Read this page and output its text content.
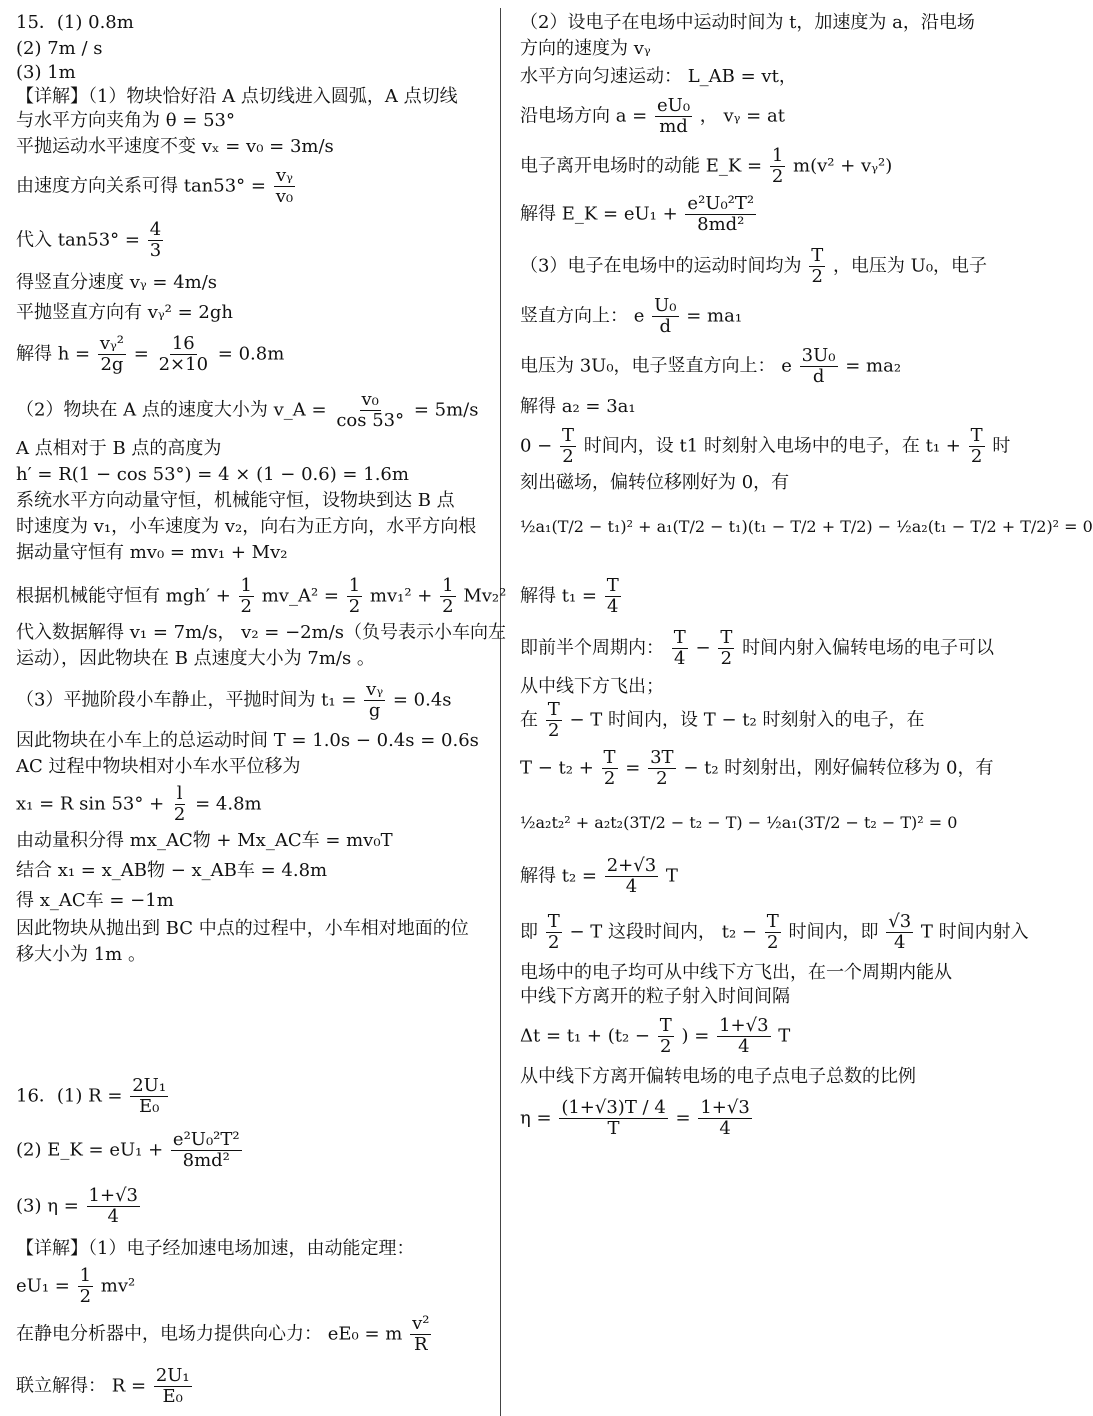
15．(1) 0.8m
(2) 7m / s
(3) 1m
【详解】（1）物块恰好沿 A 点切线进入圆弧，A 点切线
与水平方向夹角为 θ = 53°
平抛运动水平速度不变 vₓ = v₀ = 3m/s
由速度方向关系可得 $\tan 53^\circ = \frac{\text{vᵧ}}{\text{v₀}}$
代入 $\tan 53^\circ = \frac{4}{3}$
得竖直分速度 vᵧ = 4m/s
平抛竖直方向有 vᵧ² = 2gh
解得 $h = \frac{\text{vᵧ²}}{2g} = \frac{16}{2\times 10} = 0.8m$
（2）物块在 A 点的速度大小为 v_A = $\frac{\text{v₀}}{\cos 53^\circ} = 5m/s$
A 点相对于 B 点的高度为
h′ = R(1 − cos 53°) = 4 × (1 − 0.6) = 1.6m
系统水平方向动量守恒，机械能守恒，设物块到达 B 点
时速度为 v₁，小车速度为 v₂，向右为正方向，水平方向根
据动量守恒有 mv₀ = mv₁ + Mv₂
根据机械能守恒有 $mgh' + \frac{1}{2}$ mv_A² = $\frac{1}{2} mv_1^2 + \frac{1}{2} Mv_2^2$
代入数据解得 v₁ = 7m/s， v₂ = −2m/s（负号表示小车向左
运动），因此物块在 B 点速度大小为 7m/s 。
（3）平抛阶段小车静止，平抛时间为 $t_1 = \frac{\text{vᵧ}}{g} = 0.4s$
因此物块在小车上的总运动时间 T = 1.0s − 0.4s = 0.6s
AC 过程中物块相对小车水平位移为
x₁ = R $\sin 53^\circ + \frac{l}{2} = 4.8m$
由动量积分得 mx_AC物 + Mx_AC车 = mv₀T
结合 x₁ = x_AB物 − x_AB车 = 4.8m
得 x_AC车 = −1m
因此物块从抛出到 BC 中点的过程中，小车相对地面的位
移大小为 1m 。
16．(1) $R = \frac{\text{2U₁}}{\text{E₀}}$
(2) E_K = $eU_1 + \frac{\text{e²U₀²T²}}{\text{8md²}}$
(3) $\eta = \frac{1+√3}{4}$
【详解】（1）电子经加速电场加速，由动能定理：
$eU_1 = \frac{1}{2} mv^2$
在静电分析器中，电场力提供向心力： eE₀ = m $\frac{\text{v²}}{R}$
联立解得： $R = \frac{\text{2U₁}}{\text{E₀}}$
（2）设电子在电场中运动时间为 t，加速度为 a，沿电场
方向的速度为 vᵧ
水平方向匀速运动： L_AB = vt，
沿电场方向 $a = \frac{\text{eU₀}}{md}$ ， vᵧ = at
电子离开电场时的动能 E_K = $\frac{1}{2} m(v^2$ + vᵧ²)
解得 E_K = $eU_1 + \frac{\text{e²U₀²T²}}{\text{8md²}}$
（3）电子在电场中的运动时间均为 $\frac{T}{2}$ ，电压为 U₀，电子
竖直方向上： e $\frac{\text{U₀}}{d} = ma_1$
电压为 3U₀，电子竖直方向上： e $\frac{\text{3U₀}}{d} = ma_2$
解得 a₂ = 3a₁
$0 - \frac{T}{2}$ 时间内，设 t1 时刻射入电场中的电子，在 $t_1 + \frac{T}{2}$ 时
刻出磁场，偏转位移刚好为 0，有
½a₁(T/2 − t₁)² + a₁(T/2 − t₁)(t₁ − T/2 + T/2) − ½a₂(t₁ − T/2 + T/2)² = 0
解得 $t_1 = \frac{T}{4}$
即前半个周期内： $\frac{T}{4} - \frac{T}{2}$ 时间内射入偏转电场的电子可以
从中线下方飞出；
在 $\frac{T}{2} - T$ 时间内，设 T − t₂ 时刻射入的电子，在
$T - t_2 + \frac{T}{2} = \frac{3T}{2} - t_2$ 时刻射出，刚好偏转位移为 0，有
½a₂t₂² + a₂t₂(3T/2 − t₂ − T) − ½a₁(3T/2 − t₂ − T)² = 0
解得 $t_2 = \frac{2+√3}{4}$ T
即 $\frac{T}{2} - T$ 这段时间内， $t_2 - \frac{T}{2}$ 时间内，即 $\frac{√3}{4}$ T 时间内射入
电场中的电子均可从中线下方飞出，在一个周期内能从
中线下方离开的粒子射入时间间隔
$\Delta t = t_1 + (t_2 - \frac{T}{2}$ ) = $\frac{1+√3}{4}$ T
从中线下方离开偏转电场的电子点电子总数的比例
$\eta = \frac{(1+√3)T / 4}{T} = \frac{1+√3}{4}$
